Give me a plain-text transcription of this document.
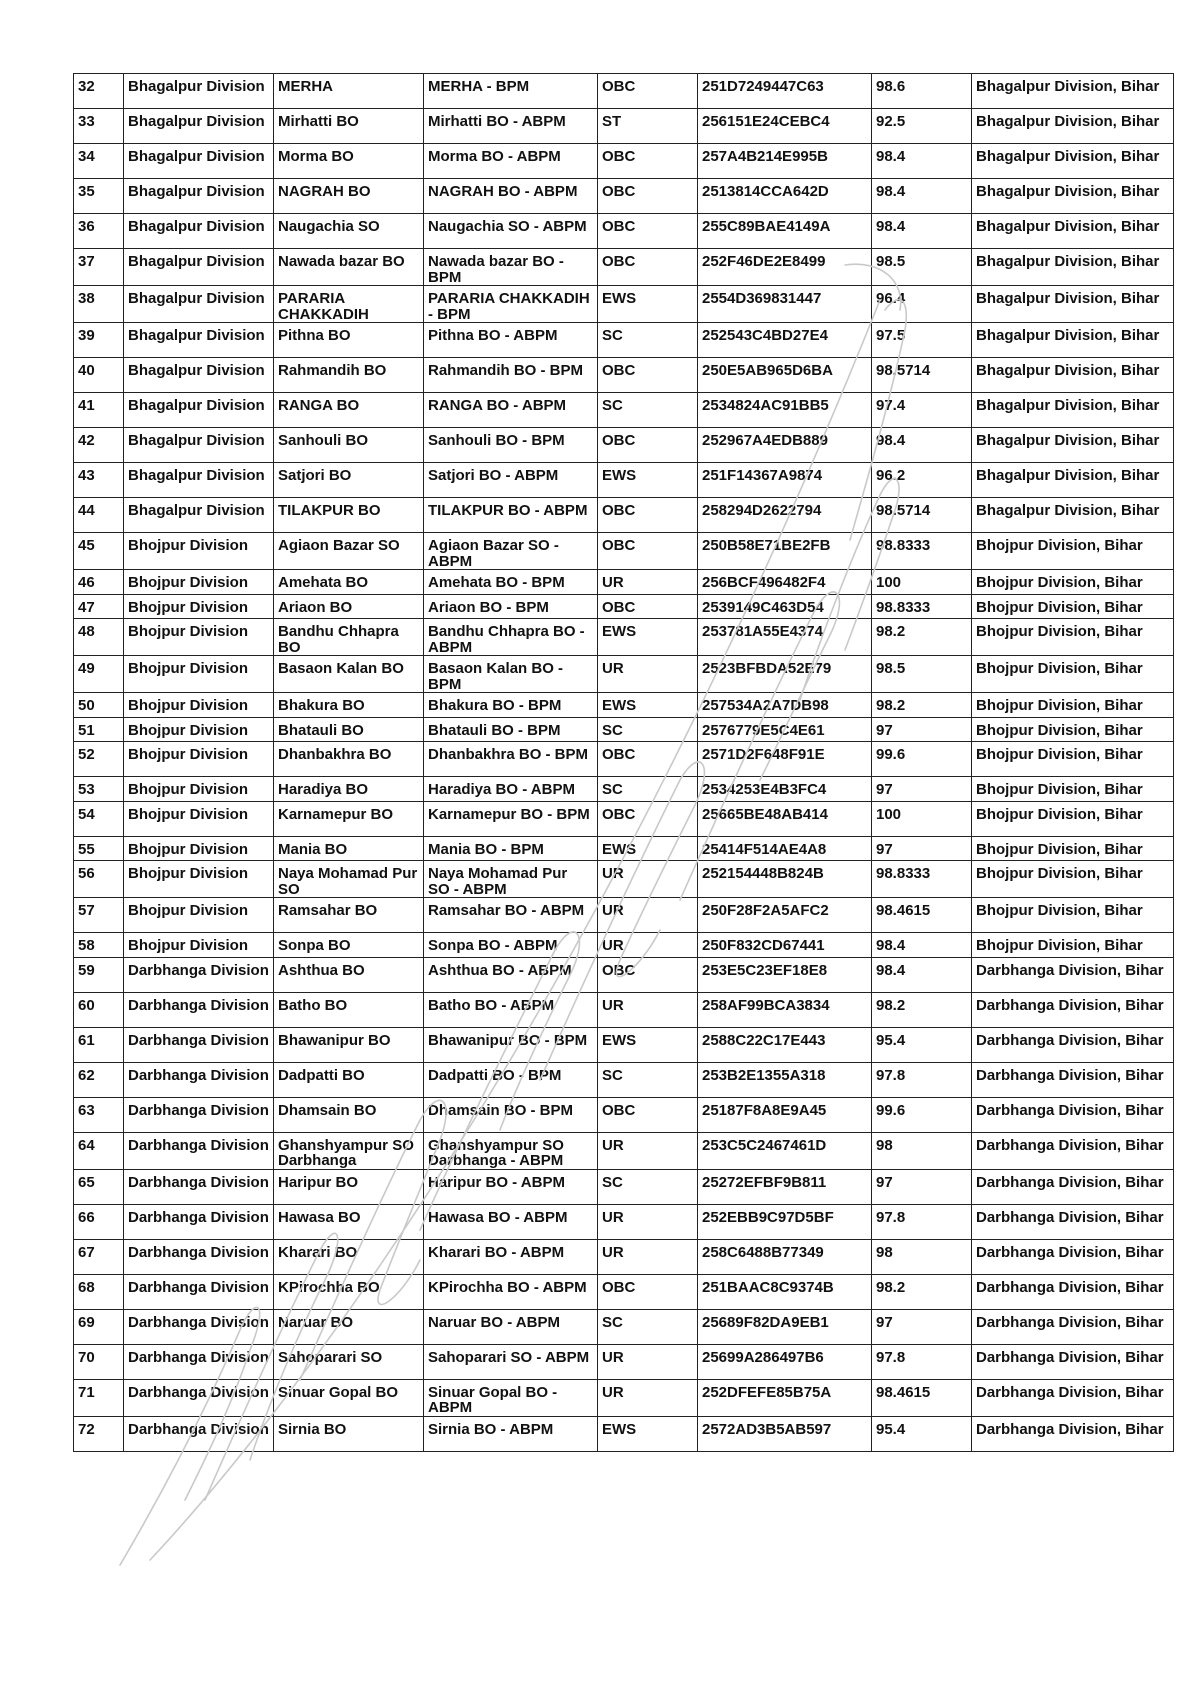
32	Bhagalpur Division	MERHA	MERHA - BPM	OBC	251D7249447C63	98.6	Bhagalpur Division, Bihar
33	Bhagalpur Division	Mirhatti BO	Mirhatti BO - ABPM	ST	256151E24CEBC4	92.5	Bhagalpur Division, Bihar
34	Bhagalpur Division	Morma BO	Morma BO - ABPM	OBC	257A4B214E995B	98.4	Bhagalpur Division, Bihar
35	Bhagalpur Division	NAGRAH BO	NAGRAH BO - ABPM	OBC	2513814CCA642D	98.4	Bhagalpur Division, Bihar
36	Bhagalpur Division	Naugachia SO	Naugachia SO - ABPM	OBC	255C89BAE4149A	98.4	Bhagalpur Division, Bihar
37	Bhagalpur Division	Nawada bazar BO	Nawada bazar BO - BPM	OBC	252F46DE2E8499	98.5	Bhagalpur Division, Bihar
38	Bhagalpur Division	PARARIA CHAKKADIH	PARARIA CHAKKADIH - BPM	EWS	2554D369831447	96.4	Bhagalpur Division, Bihar
39	Bhagalpur Division	Pithna BO	Pithna BO - ABPM	SC	252543C4BD27E4	97.5	Bhagalpur Division, Bihar
40	Bhagalpur Division	Rahmandih BO	Rahmandih BO - BPM	OBC	250E5AB965D6BA	98.5714	Bhagalpur Division, Bihar
41	Bhagalpur Division	RANGA BO	RANGA BO - ABPM	SC	2534824AC91BB5	97.4	Bhagalpur Division, Bihar
42	Bhagalpur Division	Sanhouli BO	Sanhouli BO - BPM	OBC	252967A4EDB889	98.4	Bhagalpur Division, Bihar
43	Bhagalpur Division	Satjori BO	Satjori BO - ABPM	EWS	251F14367A9874	96.2	Bhagalpur Division, Bihar
44	Bhagalpur Division	TILAKPUR BO	TILAKPUR BO - ABPM	OBC	258294D2622794	98.5714	Bhagalpur Division, Bihar
45	Bhojpur Division	Agiaon Bazar SO	Agiaon Bazar SO - ABPM	OBC	250B58E71BE2FB	98.8333	Bhojpur Division, Bihar
46	Bhojpur Division	Amehata BO	Amehata BO - BPM	UR	256BCF496482F4	100	Bhojpur Division, Bihar
47	Bhojpur Division	Ariaon BO	Ariaon BO - BPM	OBC	2539149C463D54	98.8333	Bhojpur Division, Bihar
48	Bhojpur Division	Bandhu Chhapra BO	Bandhu Chhapra BO - ABPM	EWS	253781A55E4374	98.2	Bhojpur Division, Bihar
49	Bhojpur Division	Basaon Kalan BO	Basaon Kalan BO - BPM	UR	2523BFBDA52E79	98.5	Bhojpur Division, Bihar
50	Bhojpur Division	Bhakura BO	Bhakura BO - BPM	EWS	257534A2A7DB98	98.2	Bhojpur Division, Bihar
51	Bhojpur Division	Bhatauli BO	Bhatauli BO - BPM	SC	2576779E5C4E61	97	Bhojpur Division, Bihar
52	Bhojpur Division	Dhanbakhra BO	Dhanbakhra BO - BPM	OBC	2571D2F648F91E	99.6	Bhojpur Division, Bihar
53	Bhojpur Division	Haradiya BO	Haradiya BO - ABPM	SC	2534253E4B3FC4	97	Bhojpur Division, Bihar
54	Bhojpur Division	Karnamepur BO	Karnamepur BO - BPM	OBC	25665BE48AB414	100	Bhojpur Division, Bihar
55	Bhojpur Division	Mania BO	Mania BO - BPM	EWS	25414F514AE4A8	97	Bhojpur Division, Bihar
56	Bhojpur Division	Naya Mohamad Pur SO	Naya Mohamad Pur SO - ABPM	UR	252154448B824B	98.8333	Bhojpur Division, Bihar
57	Bhojpur Division	Ramsahar BO	Ramsahar BO - ABPM	UR	250F28F2A5AFC2	98.4615	Bhojpur Division, Bihar
58	Bhojpur Division	Sonpa BO	Sonpa BO - ABPM	UR	250F832CD67441	98.4	Bhojpur Division, Bihar
59	Darbhanga Division	Ashthua BO	Ashthua BO - ABPM	OBC	253E5C23EF18E8	98.4	Darbhanga Division, Bihar
60	Darbhanga Division	Batho BO	Batho BO - ABPM	UR	258AF99BCA3834	98.2	Darbhanga Division, Bihar
61	Darbhanga Division	Bhawanipur BO	Bhawanipur BO - BPM	EWS	2588C22C17E443	95.4	Darbhanga Division, Bihar
62	Darbhanga Division	Dadpatti BO	Dadpatti BO - BPM	SC	253B2E1355A318	97.8	Darbhanga Division, Bihar
63	Darbhanga Division	Dhamsain BO	Dhamsain BO - BPM	OBC	25187F8A8E9A45	99.6	Darbhanga Division, Bihar
64	Darbhanga Division	Ghanshyampur SO Darbhanga	Ghanshyampur SO Darbhanga - ABPM	UR	253C5C2467461D	98	Darbhanga Division, Bihar
65	Darbhanga Division	Haripur BO	Haripur BO - ABPM	SC	25272EFBF9B811	97	Darbhanga Division, Bihar
66	Darbhanga Division	Hawasa BO	Hawasa BO - ABPM	UR	252EBB9C97D5BF	97.8	Darbhanga Division, Bihar
67	Darbhanga Division	Kharari BO	Kharari BO - ABPM	UR	258C6488B77349	98	Darbhanga Division, Bihar
68	Darbhanga Division	KPirochha BO	KPirochha BO - ABPM	OBC	251BAAC8C9374B	98.2	Darbhanga Division, Bihar
69	Darbhanga Division	Naruar BO	Naruar BO - ABPM	SC	25689F82DA9EB1	97	Darbhanga Division, Bihar
70	Darbhanga Division	Sahoparari SO	Sahoparari SO - ABPM	UR	25699A286497B6	97.8	Darbhanga Division, Bihar
71	Darbhanga Division	Sinuar Gopal BO	Sinuar Gopal BO - ABPM	UR	252DFEFE85B75A	98.4615	Darbhanga Division, Bihar
72	Darbhanga Division	Sirnia BO	Sirnia BO - ABPM	EWS	2572AD3B5AB597	95.4	Darbhanga Division, Bihar
